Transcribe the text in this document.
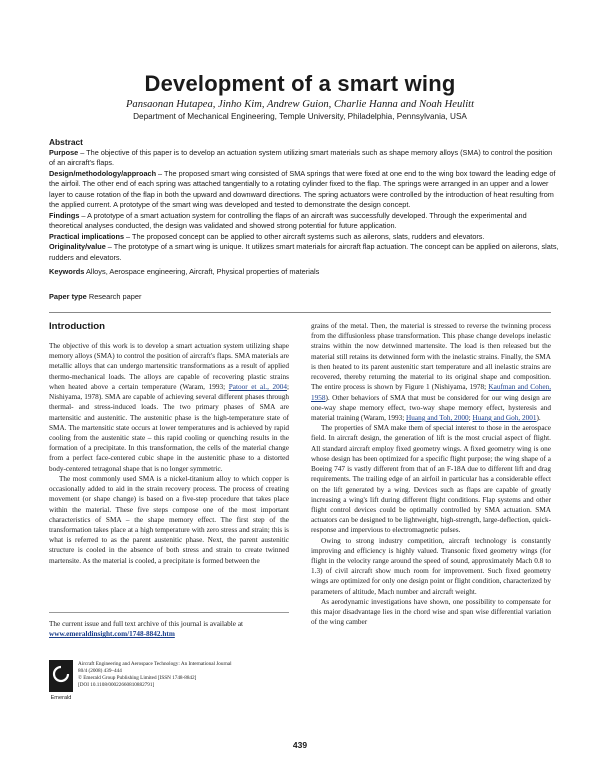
Development of a smart wing
Pansaonan Hutapea, Jinho Kim, Andrew Guion, Charlie Hanna and Noah Heulitt
Department of Mechanical Engineering, Temple University, Philadelphia, Pennsylvania, USA
Abstract

Purpose – The objective of this paper is to develop an actuation system utilizing smart materials such as shape memory alloys (SMA) to control the position of an aircraft's flaps.

Design/methodology/approach – The proposed smart wing consisted of SMA springs that were fixed at one end to the wing box toward the leading edge of the airfoil. The other end of each spring was attached tangentially to a rotating cylinder fixed to the flap. The springs were arranged in an upper and a lower layer to cause rotation of the flap in both the upward and downward directions. The spring actuators were controlled by the introduction of heat resulting from the applied current. A prototype of the smart wing was developed and tested to demonstrate the design concept.

Findings – A prototype of a smart actuation system for controlling the flaps of an aircraft was successfully developed. Through the experimental and theoretical analyses conducted, the design was validated and showed strong potential for future application.

Practical implications – The proposed concept can be applied to other aircraft systems such as ailerons, slats, rudders and elevators.

Originality/value – The prototype of a smart wing is unique. It utilizes smart materials for aircraft flap actuation. The concept can be applied on ailerons, slats, rudders and elevators.

Keywords Alloys, Aerospace engineering, Aircraft, Physical properties of materials
Paper type Research paper
Introduction

The objective of this work is to develop a smart actuation system utilizing shape memory alloys (SMA) to control the position of aircraft's flaps. SMA materials are metallic alloys that can undergo martensitic transformations as a result of applied thermo-mechanical loads. The alloys are capable of recovering plastic strains when heated above a certain temperature (Waram, 1993; Patoor et al., 2004; Nishiyama, 1978). SMA are capable of achieving several different phases through thermal- and stress-induced loads. The two primary phases of SMA are martensitic and austenitic. The austenitic phase is the high-temperature state of SMA. The martensitic state occurs at lower temperatures and is achieved by rapid cooling from the austenitic state – this rapid cooling or quenching results in the formation of a precipitate. In this transformation, the cells of the material change from a perfect face-centered cubic shape in the austenitic phase to a distorted body-centered tetragonal shape that is no longer symmetric.

The most commonly used SMA is a nickel-titanium alloy to which copper is occasionally added to aid in the strain recovery process. The process of creating movement (or shape change) is based on a five-step procedure that takes place within the material. These five steps compose one of the most important characteristics of SMA – the shape memory effect. The first step of the transformation takes place at a high temperature with zero stress and strain; this is what is referred to as the parent austenitic phase. Next, the parent austenitic structure is cooled in the absence of both stress and strain to create twinned martensite. As the material is cooled, a precipitate is formed between the

The current issue and full text archive of this journal is available at
www.emeraldinsight.com/1748-8842.htm
Emerald
Aircraft Engineering and Aerospace Technology: An International Journal
80/4 (2008) 439–444
© Emerald Group Publishing Limited [ISSN 1748-8842]
[DOI 10.1108/00022660810882791]

grains of the metal. Then, the material is stressed to reverse the twinning process from the diffusionless phase transformation. This phase change develops inelastic strains within the now detwinned martensite. The load is then released but the material still retains its detwinned form with the inelastic strains. Finally, the SMA is then heated to its parent austenitic start temperature and all inelastic strains are recovered, thereby returning the material to its original shape and composition. The entire process is shown by Figure 1 (Nishiyama, 1978; Kaufman and Cohen, 1958). Other behaviors of SMA that must be considered for our wing design are one-way shape memory effect, two-way shape memory effect, hysteresis and material training (Waram, 1993; Huang and Toh, 2000; Huang and Goh, 2001).

The properties of SMA make them of special interest to those in the aerospace field. In aircraft design, the generation of lift is the most crucial aspect of flight. All standard aircraft employ fixed geometry wings. A fixed geometry wing is one whose design has been optimized for a specific flight purpose; the wing shape of a Boeing 747 is vastly different from that of an F-18A due to different lift and drag requirements. The trailing edge of an airfoil in particular has a considerable effect on the lift generated by a wing. Devices such as flaps are capable of greatly increasing a wing's lift during different flight conditions. Flap systems and other flight control devices could be optimally controlled by SMA actuation. SMA actuators can be designed to be lightweight, high-strength, large-deflection, quick-response and impervious to electromagnetic pulses.

Owing to strong industry competition, aircraft technology is constantly improving and efficiency is highly valued. Transonic fixed geometry wings (for flight in the velocity range around the speed of sound, approximately Mach 0.8 to 1.3) of civil aircraft show much room for improvement. Such fixed geometry wings are optimized for only one design point or flight condition, characterized by parameters of altitude, Mach number and aircraft weight.

As aerodynamic investigations have shown, one possibility to compensate for this major disadvantage lies in the chord wise and span wise differential variation of the wing camber

439
